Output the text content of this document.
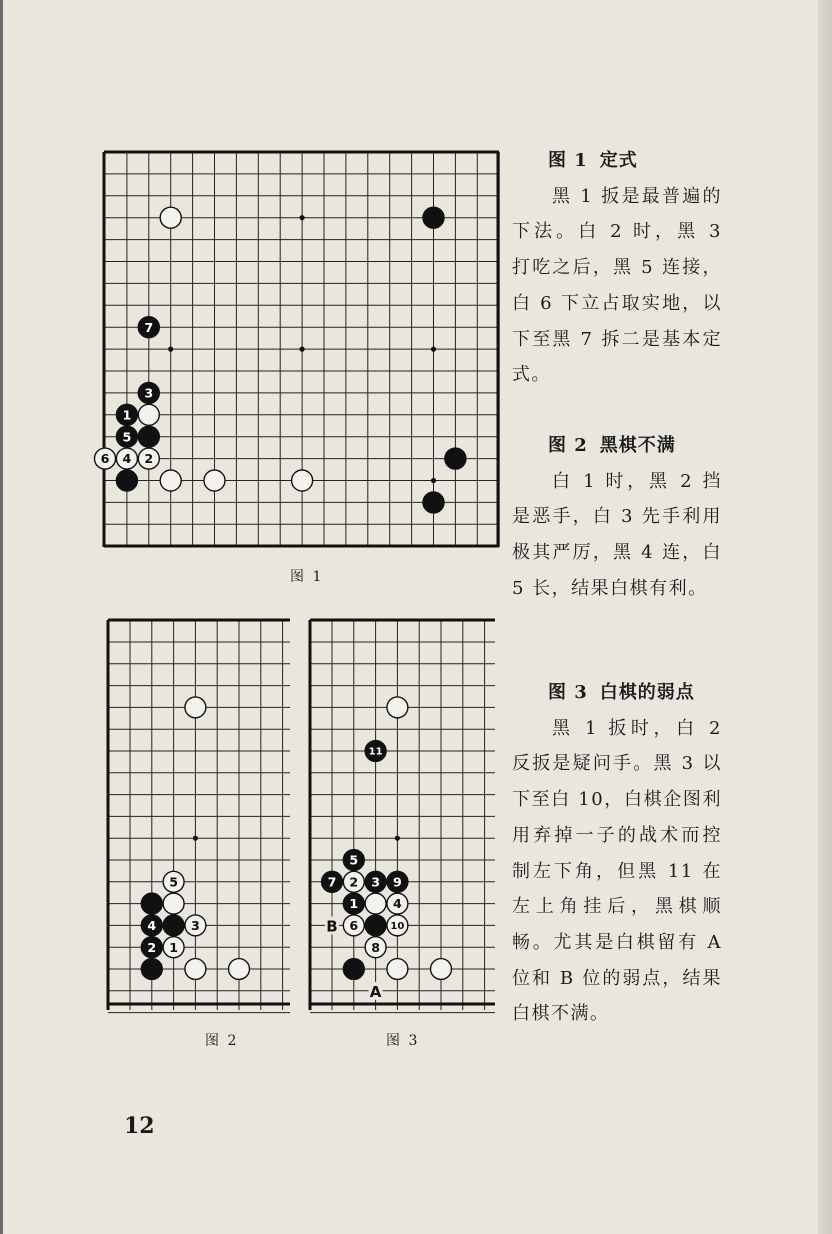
7
3
1
5
6 4 2
图 1
5
4	3
2 1
图 2
11
5
7 2 3 9
1	4
6	10
8
B
A
图 3
图 1 定式
黑 1 扳是最普遍的下法。白 2 时，黑 3 打吃之后，黑 5 连接，白 6 下立占取实地，以下至黑 7 拆二是基本定式。
图 2 黑棋不满
白 1 时，黑 2 挡是恶手，白 3 先手利用极其严厉，黑 4 连，白 5 长，结果白棋有利。
图 3 白棋的弱点
黑 1 扳时，白 2 反扳是疑问手。黑 3 以下至白 10，白棋企图利用弃掉一子的战术而控制左下角，但黑 11 在左上角挂后，黑棋顺畅。尤其是白棋留有 A 位和 B 位的弱点，结果白棋不满。
12
